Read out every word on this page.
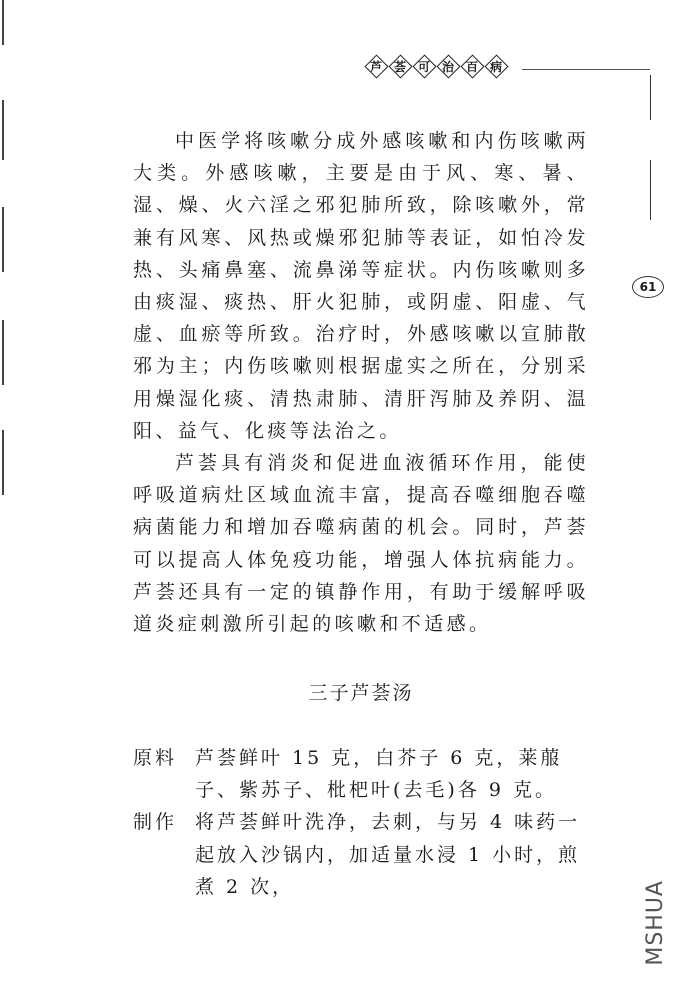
芦 荟 可 治 百 病
61

中医学将咳嗽分成外感咳嗽和内伤咳嗽两大类。外感咳嗽，主要是由于风、寒、暑、湿、燥、火六淫之邪犯肺所致，除咳嗽外，常兼有风寒、风热或燥邪犯肺等表证，如怕冷发热、头痛鼻塞、流鼻涕等症状。内伤咳嗽则多由痰湿、痰热、肝火犯肺，或阴虚、阳虚、气虚、血瘀等所致。治疗时，外感咳嗽以宣肺散邪为主；内伤咳嗽则根据虚实之所在，分别采用燥湿化痰、清热肃肺、清肝泻肺及养阴、温阳、益气、化痰等法治之。

芦荟具有消炎和促进血液循环作用，能使呼吸道病灶区域血流丰富，提高吞噬细胞吞噬病菌能力和增加吞噬病菌的机会。同时，芦荟可以提高人体免疫功能，增强人体抗病能力。芦荟还具有一定的镇静作用，有助于缓解呼吸道炎症刺激所引起的咳嗽和不适感。

三子芦荟汤
原料 芦荟鲜叶 15 克，白芥子 6 克，莱菔子、紫苏子、枇杷叶(去毛)各 9 克。
制作 将芦荟鲜叶洗净，去刺，与另 4 味药一起放入沙锅内，加适量水浸 1 小时，煎煮 2 次，	MSHUA
